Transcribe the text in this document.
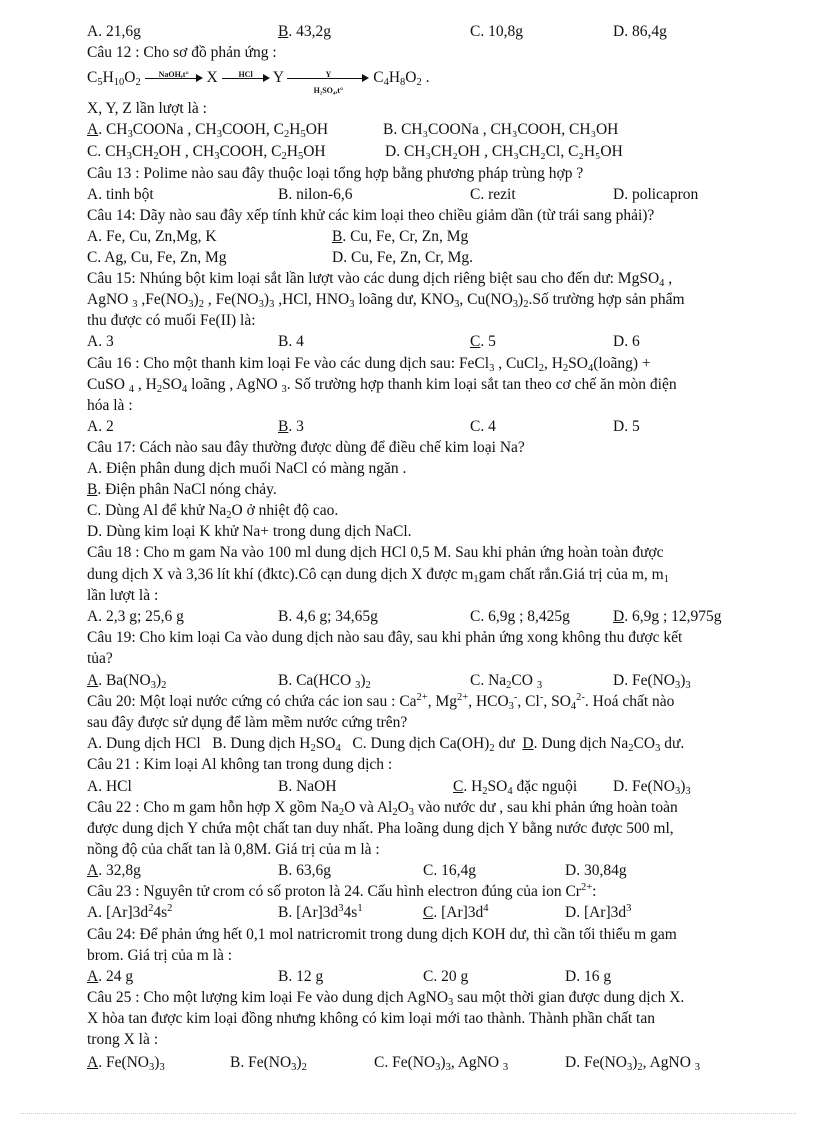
A. 21,6g	B. 43,2g	C. 10,8g	D. 86,4g
Câu 12 : Cho sơ đồ phản ứng :
$C_5H_{10}O_2$
NaOH,t° X	HCl	Y $\frac{Y}{\text{H₂SO₄,t°}} C_4H_8O_2$ .
X, Y, Z lần lượt là :
A. $CH_3COONa$ , $CH_3COOH$, $C_2H_5OH$	B. CH₃COONa , CH₃COOH, CH₃OH
C. $CH_3CH_2OH$ , $CH_3COOH$, $C_2H_5OH$	D. CH₃CH₂OH , CH₃CH₂Cl, C₂H₅OH
Câu 13 : Polime nào sau đây thuộc loại tổng hợp bằng phương pháp trùng hợp ?
A. tinh bột	B. nilon-6,6	C. rezit	D. policapron
Câu 14: Dãy nào sau đây xếp tính khử các kim loại theo chiều giảm dần (từ trái sang phải)?
A. Fe, Cu, Zn,Mg, K	B. Cu, Fe, Cr, Zn, Mg
C. Ag, Cu, Fe, Zn, Mg	D. Cu, Fe, Zn, Cr, Mg.
Câu 15: Nhúng bột kim loại sắt lần lượt vào các dung dịch riêng biệt sau cho đến dư: MgSO$_4$ ,
AgNO $_3$ $,Fe(NO_3)_2$ , $Fe(NO_3)_3$ ,HCl, $HNO_3$ loãng dư, $KNO_3$, $Cu(NO_3)_2.Số$ trường hợp sản phẩm
thu được có muối Fe(II) là:
A. 3	B. 4	C. 5	D. 6
Câu 16 : Cho một thanh kim loại Fe vào các dung dịch sau: FeCl$_3$ , CuCl$_2$, $H_2SO_4(loãng)$ +
CuSO $_4$ , $H_2SO_4$ loãng , AgNO $_3$. Số trường hợp thanh kim loại sắt tan theo cơ chế ăn mòn điện
hóa là :
A. 2	B. 3	C. 4	D. 5
Câu 17: Cách nào sau đây thường được dùng để điều chế kim loại Na?
A. Điện phân dung dịch muối NaCl có màng ngăn .
B. Điện phân NaCl nóng chảy.
C. Dùng Al để khử $Na_2O$ ở nhiệt độ cao.
D. Dùng kim loại K khử Na+ trong dung dịch NaCl.
Câu 18 : Cho m gam Na vào 100 ml dung dịch HCl 0,5 M. Sau khi phản ứng hoàn toàn được
dung dịch X và 3,36 lít khí (đktc).Cô cạn dung dịch X được $m_1gam$ chất rắn.Giá trị của m, $m_1$
lần lượt là :
A. 2,3 g; 25,6 g	B. 4,6 g; 34,65g	C. 6,9g ; 8,425g	D. 6,9g ; 12,975g
Câu 19: Cho kim loại Ca vào dung dịch nào sau đây, sau khi phản ứng xong không thu được kết
tủa?
A. $Ba(NO_3)_2$	B. Ca(HCO $_3)_2$	C. $Na_2CO$ $_3$	D. $Fe(NO_3)_3$
Câu 20: Một loại nước cứng có chứa các ion sau : $Ca^{2+}$, $Mg^{2+}$, $HCO_3^-$, Cl-, $SO_4^{2-}$. Hoá chất nào
sau đây được sử dụng để làm mềm nước cứng trên?
A. Dung dịch HCl B. Dung dịch $H_2SO_4$ C. Dung dịch $Ca(OH)_2$ dư D. Dung dịch $Na_2CO_3$ dư.
Câu 21 : Kim loại Al không tan trong dung dịch :
A. HCl	B. NaOH	C. $H_2SO_4$ đặc nguội D. $Fe(NO_3)_3$
Câu 22 : Cho m gam hỗn hợp X gồm $Na_2O$ và $Al_2O_3$ vào nước dư , sau khi phản ứng hoàn toàn
được dung dịch Y chứa một chất tan duy nhất. Pha loãng dung dịch Y bằng nước được 500 ml,
nồng độ của chất tan là 0,8M. Giá trị của m là :
A. 32,8g	B. 63,6g	C. 16,4g	D. 30,84g
Câu 23 : Nguyên tử crom có số proton là 24. Cấu hình electron đúng của ion $Cr^{2+}$:
A. $[Ar]3d^24s^2$	B. $[Ar]3d^34s^1$	C. $[Ar]3d^4$	D. $[Ar]3d^3$
Câu 24: Để phản ứng hết 0,1 mol natricromit trong dung dịch KOH dư, thì cần tối thiểu m gam
brom. Giá trị của m là :
A. 24 g	B. 12 g	C. 20 g	D. 16 g
Câu 25 : Cho một lượng kim loại Fe vào dung dịch AgNO$_3$ sau một thời gian được dung dịch X.
X hòa tan được kim loại đồng nhưng không có kim loại mới tao thành. Thành phần chất tan
trong X là :
A. $Fe(NO_3)_3$	B. $Fe(NO_3)_2$	C. $Fe(NO_3)_3$, AgNO $_3$	D. $Fe(NO_3)_2$, AgNO $_3$
